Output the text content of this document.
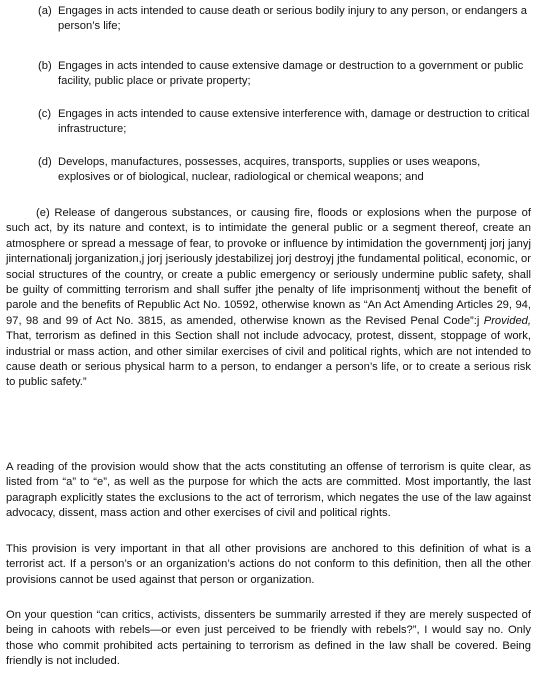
(a) Engages in acts intended to cause death or serious bodily injury to any person, or endangers a person’s life;
(b) Engages in acts intended to cause extensive damage or destruction to a government or public facility, public place or private property;
(c) Engages in acts intended to cause extensive interference with, damage or destruction to critical infrastructure;
(d) Develops, manufactures, possesses, acquires, transports, supplies or uses weapons, explosives or of biological, nuclear, radiological or chemical weapons; and
(e) Release of dangerous substances, or causing fire, floods or explosions when the purpose of such act, by its nature and context, is to intimidate the general public or a segment thereof, create an atmosphere or spread a message of fear, to provoke or influence by intimidation the governmentj jorj janyj jinternationalj jorganization,j jorj jseriously jdestabilizej jorj destroyj jthe fundamental political, economic, or social structures of the country, or create a public emergency or seriously undermine public safety, shall be guilty of committing terrorism and shall suffer jthe penalty of life imprisonmentj without the benefit of parole and the benefits of Republic Act No. 10592, otherwise known as “An Act Amending Articles 29, 94, 97, 98 and 99 of Act No. 3815, as amended, otherwise known as the Revised Penal Code”:j Provided, That, terrorism as defined in this Section shall not include advocacy, protest, dissent, stoppage of work, industrial or mass action, and other similar exercises of civil and political rights, which are not intended to cause death or serious physical harm to a person, to endanger a person’s life, or to create a serious risk to public safety.”
A reading of the provision would show that the acts constituting an offense of terrorism is quite clear, as listed from “a” to “e”, as well as the purpose for which the acts are committed. Most importantly, the last paragraph explicitly states the exclusions to the act of terrorism, which negates the use of the law against advocacy, dissent, mass action and other exercises of civil and political rights.
This provision is very important in that all other provisions are anchored to this definition of what is a terrorist act. If a person’s or an organization’s actions do not conform to this definition, then all the other provisions cannot be used against that person or organization.
On your question “can critics, activists, dissenters be summarily arrested if they are merely suspected of being in cahoots with rebels—or even just perceived to be friendly with rebels?”, I would say no. Only those who commit prohibited acts pertaining to terrorism as defined in the law shall be covered. Being friendly is not included.
